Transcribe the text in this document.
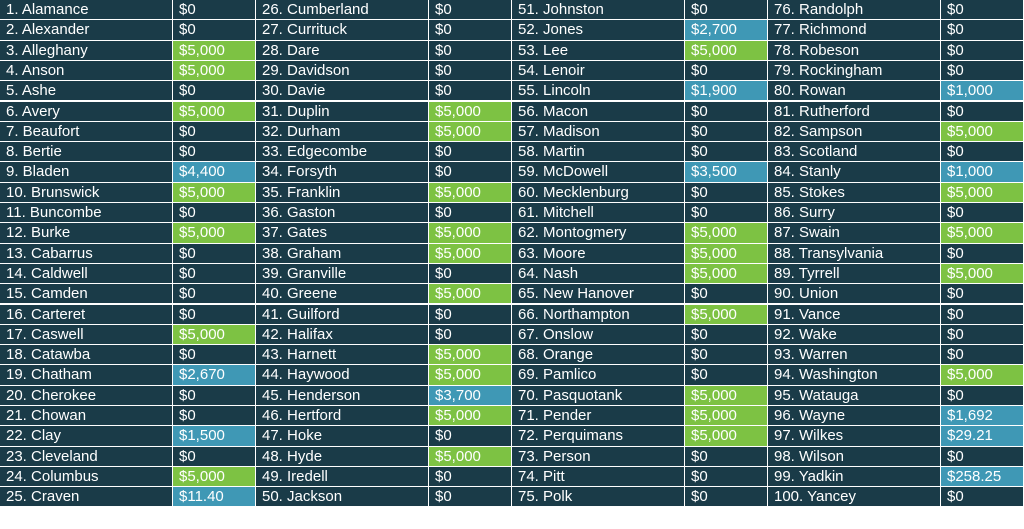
1. Alamance	$0
2. Alexander	$0
3. Alleghany	$5,000
4. Anson	$5,000
5. Ashe	$0
6. Avery	$5,000
7. Beaufort	$0
8. Bertie	$0
9. Bladen	$4,400
10. Brunswick	$5,000
11. Buncombe	$0
12. Burke	$5,000
13. Cabarrus	$0
14. Caldwell	$0
15. Camden	$0
16. Carteret	$0
17. Caswell	$5,000
18. Catawba	$0
19. Chatham	$2,670
20. Cherokee	$0
21. Chowan	$0
22. Clay	$1,500
23. Cleveland	$0
24. Columbus	$5,000
25. Craven	$11.40
26. Cumberland	$0
27. Currituck	$0
28. Dare	$0
29. Davidson	$0
30. Davie	$0
31. Duplin	$5,000
32. Durham	$5,000
33. Edgecombe	$0
34. Forsyth	$0
35. Franklin	$5,000
36. Gaston	$0
37. Gates	$5,000
38. Graham	$5,000
39. Granville	$0
40. Greene	$5,000
41. Guilford	$0
42. Halifax	$0
43. Harnett	$5,000
44. Haywood	$5,000
45. Henderson	$3,700
46. Hertford	$5,000
47. Hoke	$0
48. Hyde	$5,000
49. Iredell	$0
50. Jackson	$0
51. Johnston	$0
52. Jones	$2,700
53. Lee	$5,000
54. Lenoir	$0
55. Lincoln	$1,900
56. Macon	$0
57. Madison	$0
58. Martin	$0
59. McDowell	$3,500
60. Mecklenburg	$0
61. Mitchell	$0
62. Montogmery	$5,000
63. Moore	$5,000
64. Nash	$5,000
65. New Hanover	$0
66. Northampton	$5,000
67. Onslow	$0
68. Orange	$0
69. Pamlico	$0
70. Pasquotank	$5,000
71. Pender	$5,000
72. Perquimans	$5,000
73. Person	$0
74. Pitt	$0
75. Polk	$0
76. Randolph	$0
77. Richmond	$0
78. Robeson	$0
79. Rockingham	$0
80. Rowan	$1,000
81. Rutherford	$0
82. Sampson	$5,000
83. Scotland	$0
84. Stanly	$1,000
85. Stokes	$5,000
86. Surry	$0
87. Swain	$5,000
88. Transylvania	$0
89. Tyrrell	$5,000
90. Union	$0
91. Vance	$0
92. Wake	$0
93. Warren	$0
94. Washington	$5,000
95. Watauga	$0
96. Wayne	$1,692
97. Wilkes	$29.21
98. Wilson	$0
99. Yadkin	$258.25
100. Yancey	$0
